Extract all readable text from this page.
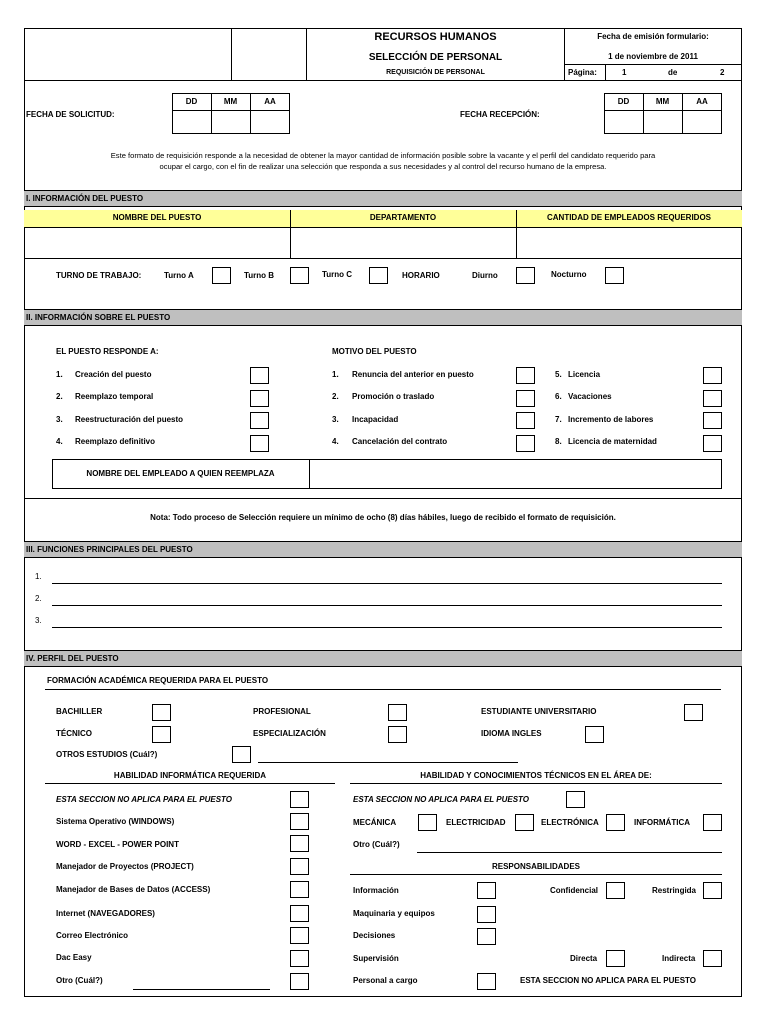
RECURSOS HUMANOS
SELECCIÓN DE PERSONAL
REQUISICIÓN DE PERSONAL
Fecha de emisión formulario:
1 de noviembre de 2011
Página:	1	de	2
FECHA DE SOLICITUD:
DD	MM	AA
FECHA RECEPCIÓN:
DD	MM	AA
Este formato de requisición responde a la necesidad de obtener la mayor cantidad de información posible sobre la vacante y el perfil del candidato requerido para
ocupar el cargo, con el fin de realizar una selección que responda a sus necesidades y al control del recurso humano de la empresa.
I. INFORMACIÓN DEL PUESTO
NOMBRE DEL PUESTO	DEPARTAMENTO	CANTIDAD DE EMPLEADOS REQUERIDOS
TURNO DE TRABAJO:	Turno A	Turno B	Turno C	HORARIO	Diurno	Nocturno
II. INFORMACIÓN SOBRE EL PUESTO
EL PUESTO RESPONDE A:	MOTIVO DEL PUESTO
1. Creación del puesto
2. Reemplazo temporal
3. Reestructuración del puesto
4. Reemplazo definitivo
1. Renuncia del anterior en puesto
2. Promoción o traslado
3. Incapacidad
4. Cancelación del contrato
5. Licencia
6. Vacaciones
7. Incremento de labores
8. Licencia de maternidad
NOMBRE DEL EMPLEADO A QUIEN REEMPLAZA
Nota: Todo proceso de Selección requiere un mínimo de ocho (8) días hábiles, luego de recibido el formato de requisición.
III. FUNCIONES PRINCIPALES DEL PUESTO
1.
2.
3.
IV. PERFIL DEL PUESTO
FORMACIÓN ACADÉMICA REQUERIDA PARA EL PUESTO
BACHILLER
TÉCNICO
PROFESIONAL
ESPECIALIZACIÓN
ESTUDIANTE UNIVERSITARIO
IDIOMA INGLES
OTROS ESTUDIOS (Cuál?)
HABILIDAD INFORMÁTICA REQUERIDA	HABILIDAD Y CONOCIMIENTOS TÉCNICOS EN EL ÁREA DE:
ESTA SECCION NO APLICA PARA EL PUESTO
Sistema Operativo (WINDOWS)
WORD - EXCEL - POWER POINT
Manejador de Proyectos (PROJECT)
Manejador de Bases de Datos (ACCESS)
Internet (NAVEGADORES)
Correo Electrónico
Dac Easy
Otro (Cuál?)
ESTA SECCION NO APLICA PARA EL PUESTO
MECÁNICA	ELECTRICIDAD	ELECTRÓNICA	INFORMÁTICA
Otro (Cuál?)
RESPONSABILIDADES
Información	Confidencial	Restringida
Maquinaria y equipos
Decisiones
Supervisión	Directa	Indirecta
Personal a cargo	ESTA SECCION NO APLICA PARA EL PUESTO
